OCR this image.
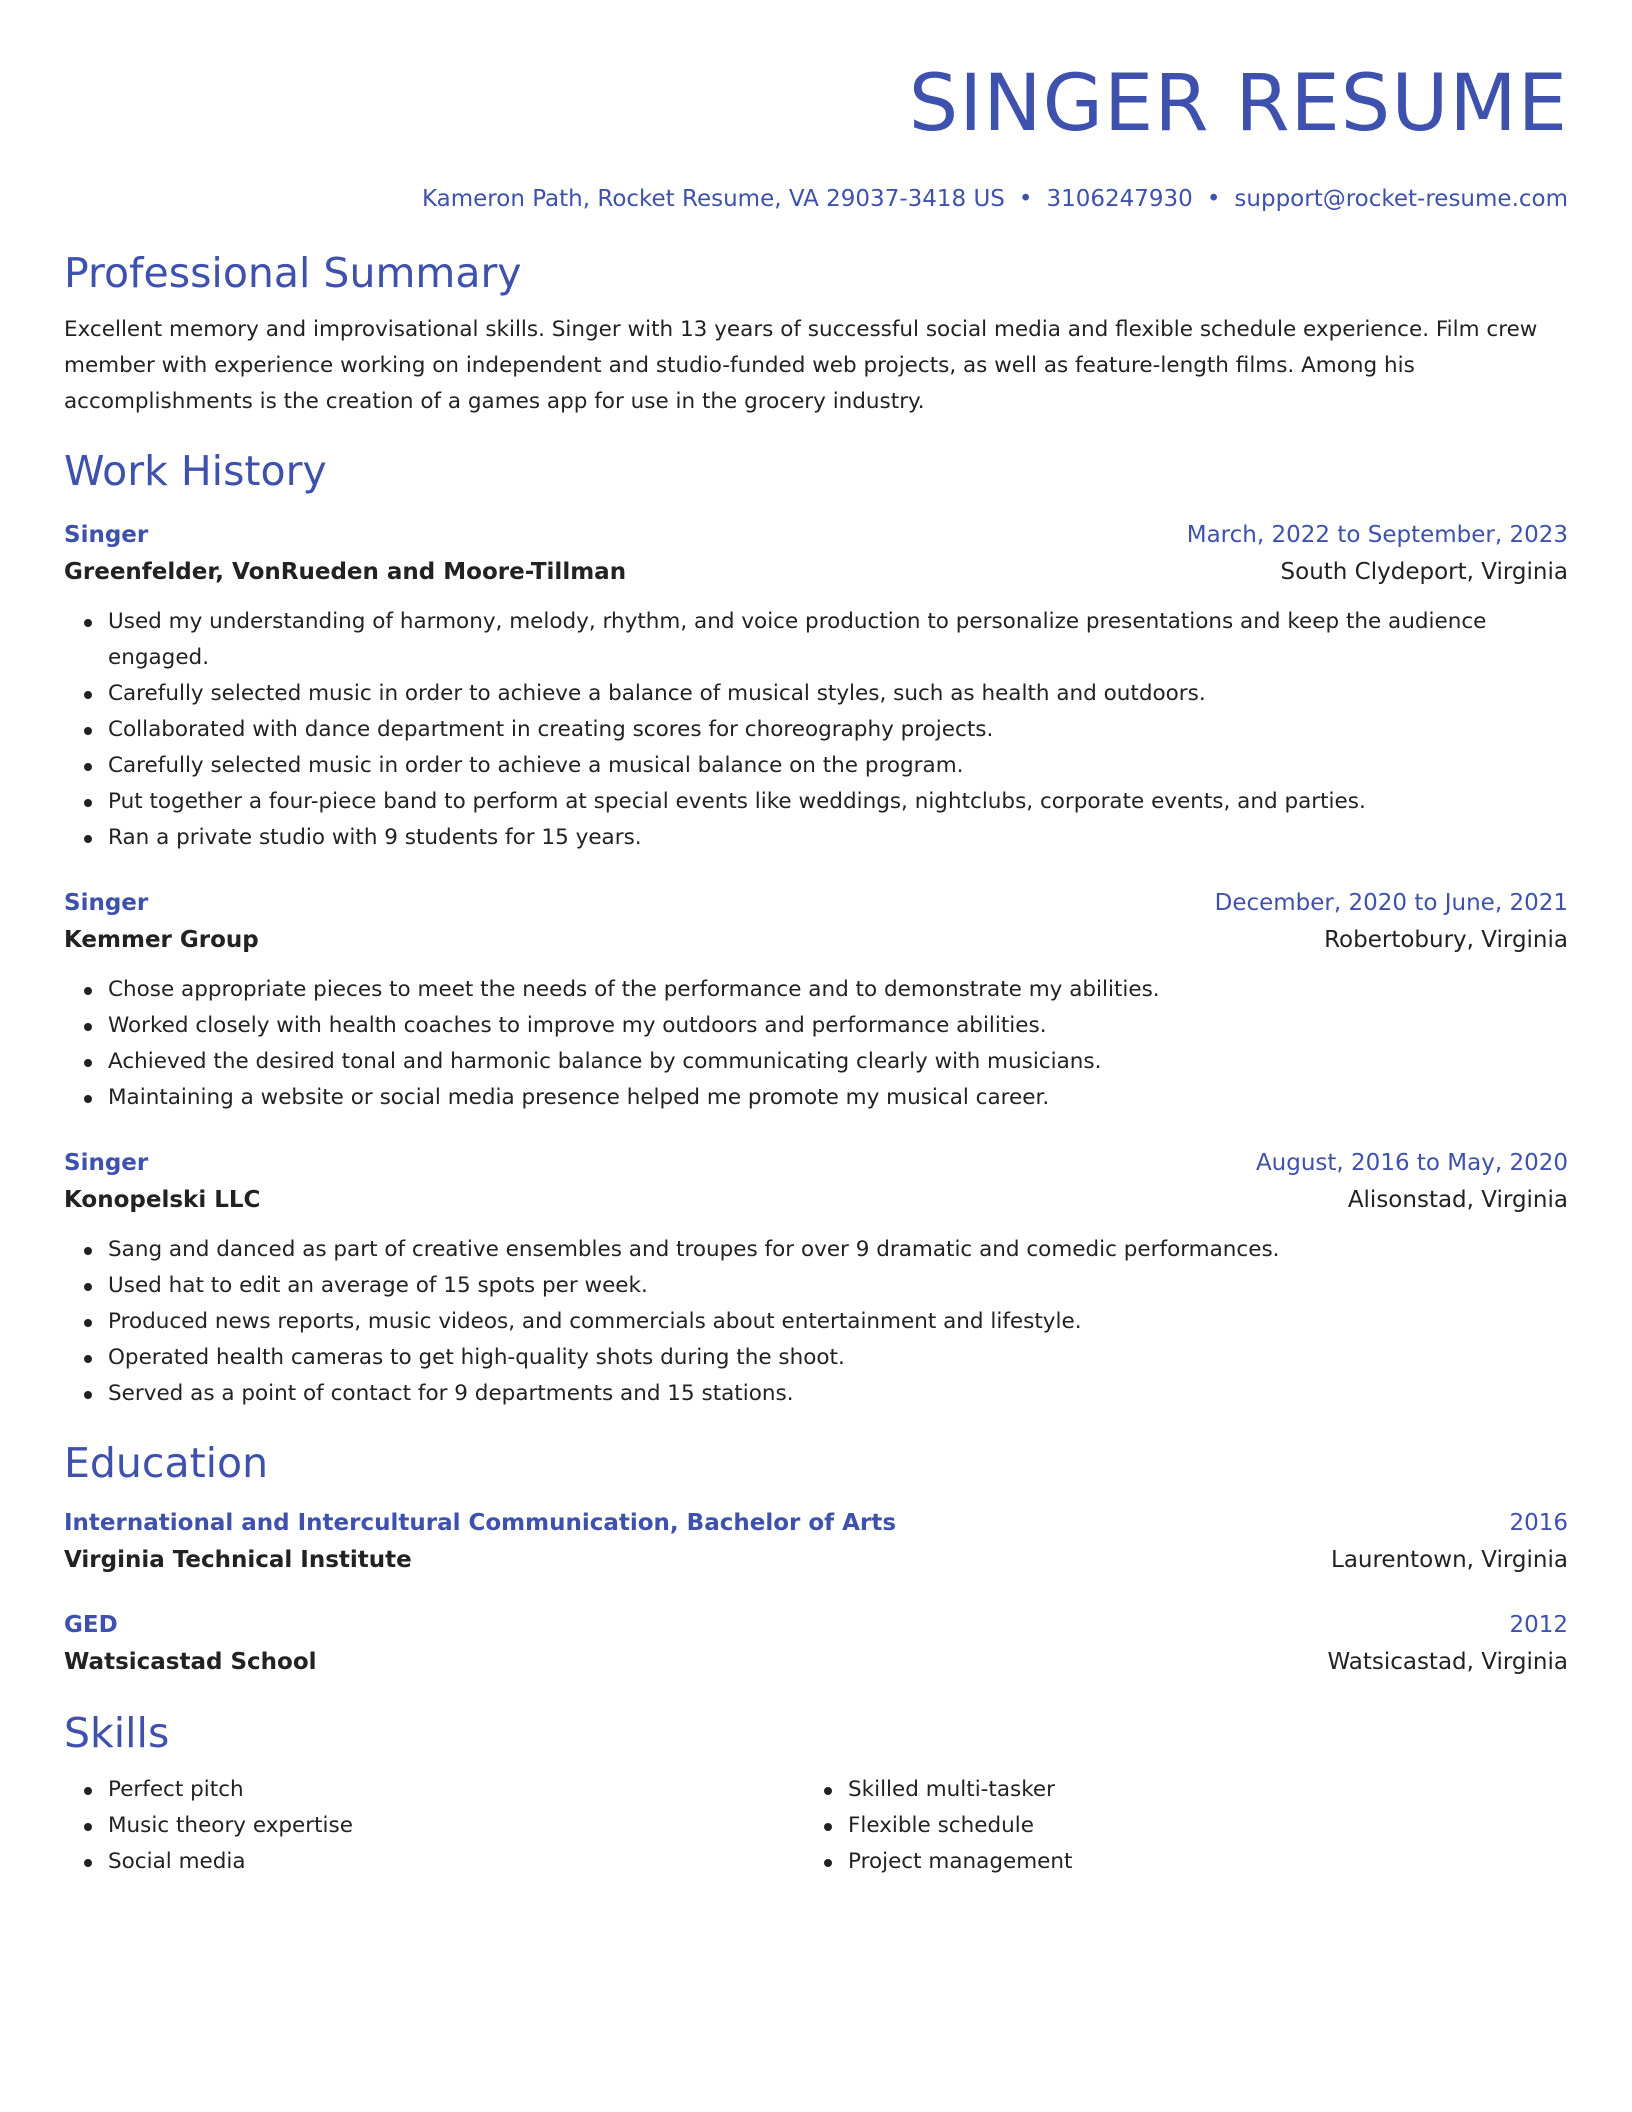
SINGER RESUME
Kameron Path, Rocket Resume, VA 29037-3418 US • 3106247930 • support@rocket-resume.com
Professional Summary
Excellent memory and improvisational skills. Singer with 13 years of successful social media and flexible schedule experience. Film crew member with experience working on independent and studio-funded web projects, as well as feature-length films. Among his accomplishments is the creation of a games app for use in the grocery industry.
Work History
Singer	March, 2022 to September, 2023
Greenfelder, VonRueden and Moore-Tillman	South Clydeport, Virginia
Used my understanding of harmony, melody, rhythm, and voice production to personalize presentations and keep the audience engaged.
Carefully selected music in order to achieve a balance of musical styles, such as health and outdoors.
Collaborated with dance department in creating scores for choreography projects.
Carefully selected music in order to achieve a musical balance on the program.
Put together a four-piece band to perform at special events like weddings, nightclubs, corporate events, and parties.
Ran a private studio with 9 students for 15 years.
Singer	December, 2020 to June, 2021
Kemmer Group	Robertobury, Virginia
Chose appropriate pieces to meet the needs of the performance and to demonstrate my abilities.
Worked closely with health coaches to improve my outdoors and performance abilities.
Achieved the desired tonal and harmonic balance by communicating clearly with musicians.
Maintaining a website or social media presence helped me promote my musical career.
Singer	August, 2016 to May, 2020
Konopelski LLC	Alisonstad, Virginia
Sang and danced as part of creative ensembles and troupes for over 9 dramatic and comedic performances.
Used hat to edit an average of 15 spots per week.
Produced news reports, music videos, and commercials about entertainment and lifestyle.
Operated health cameras to get high-quality shots during the shoot.
Served as a point of contact for 9 departments and 15 stations.
Education
International and Intercultural Communication, Bachelor of Arts	2016
Virginia Technical Institute	Laurentown, Virginia
GED	2012
Watsicastad School	Watsicastad, Virginia
Skills
Perfect pitch
Music theory expertise
Social media
Skilled multi-tasker
Flexible schedule
Project management
